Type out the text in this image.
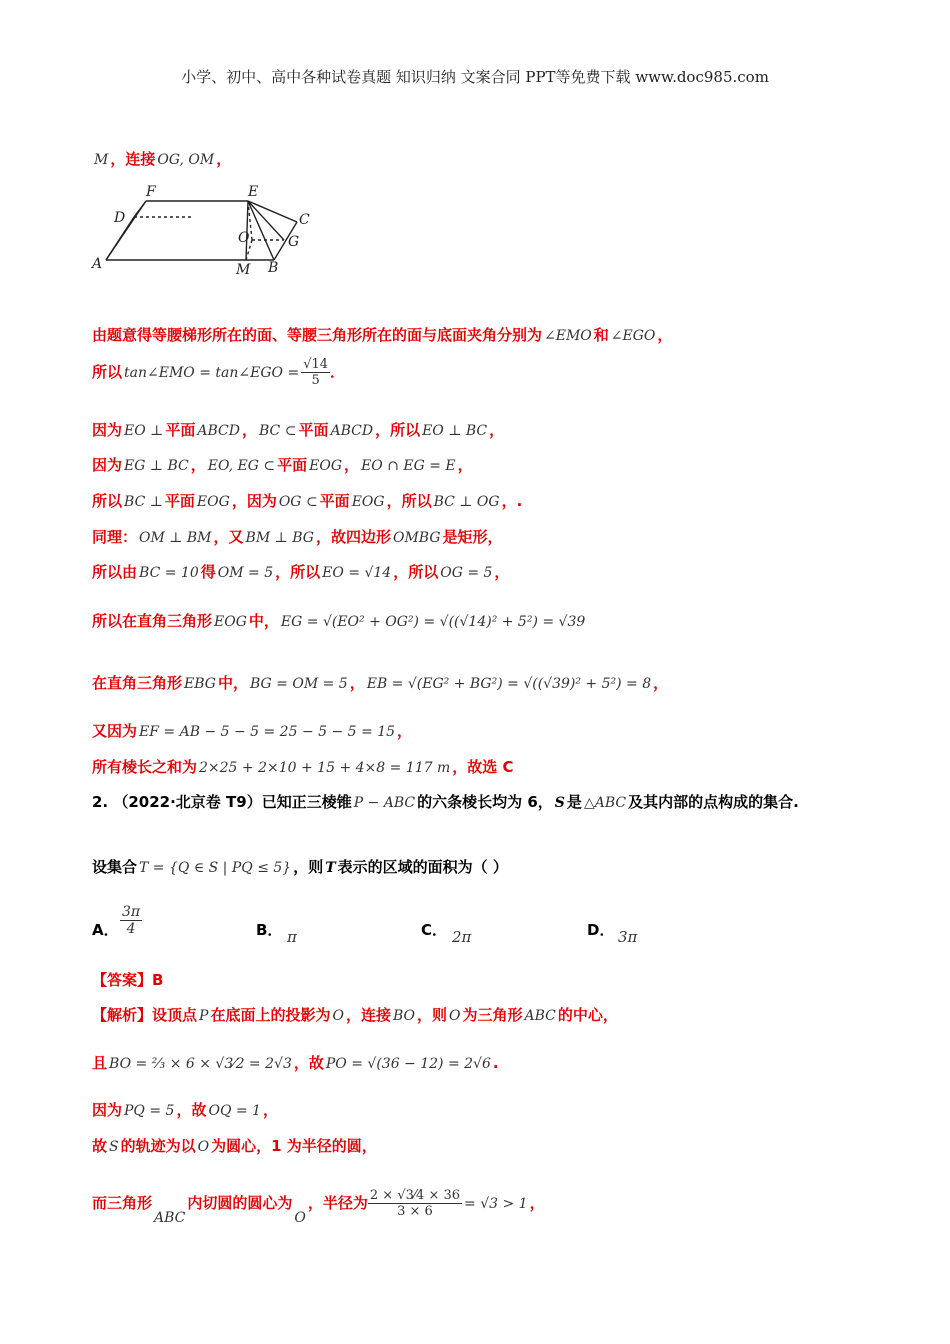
小学、初中、高中各种试卷真题 知识归纳 文案合同 PPT等免费下载 www.doc985.com
F	E
D	C
O	G
A	M B
M ，连接 OG, OM ，
由题意得等腰梯形所在的面、等腰三角形所在的面与底面夹角分别为 ∠EMO 和 ∠EGO ，
所以 tan∠EMO = tan∠EGO = $\frac{√14}{5}$ ．
因为 EO ⊥ 平面 ABCD ， BC ⊂ 平面 ABCD ，所以 EO ⊥ BC ，
因为 EG ⊥ BC ， EO, EG ⊂ 平面 EOG ， EO ∩ EG = E ，
所以 BC ⊥ 平面 EOG ，因为 OG ⊂ 平面 EOG ，所以 BC ⊥ OG ，.
同理： OM ⊥ BM ，又 BM ⊥ BG ，故四边形 OMBG 是矩形，
所以由 BC = 10 得 OM = 5 ，所以 EO = √14 ，所以 OG = 5 ，
所以在直角三角形 EOG 中， EG = √(EO² + OG²) = √((√14)² + 5²) = √39
在直角三角形 EBG 中， BG = OM = 5 ， EB = √(EG² + BG²) = √((√39)² + 5²) = 8 ，
又因为 EF = AB − 5 − 5 = 25 − 5 − 5 = 15 ，
所有棱长之和为 2×25 + 2×10 + 15 + 4×8 = 117 m ，故选 C
2. （2022·北京卷 T9）已知正三棱锥 P − ABC 的六条棱长均为 6， S 是 △ABC 及其内部的点构成的集合.
设集合 T = {Q ∈ S | PQ ≤ 5} ，则 T 表示的区域的面积为（ ）
A． $\frac{3\pi}{4}$	B． π	C． 2π	D． 3π
【答案】B
【解析】设顶点 P 在底面上的投影为 O ，连接 BO ，则 O 为三角形 ABC 的中心，
且 BO = ⅔ × 6 × √3⁄2 = 2√3 ，故 PO = √(36 − 12) = 2√6 .
因为 PQ = 5 ，故 OQ = 1 ，
故 S 的轨迹为以 O 为圆心，1 为半径的圆，
而三角形ABC内切圆的圆心为O，半径为 $\frac{2 \times √3⁄4 \times 36}{3 \times 6} = √3 > 1$ ，
